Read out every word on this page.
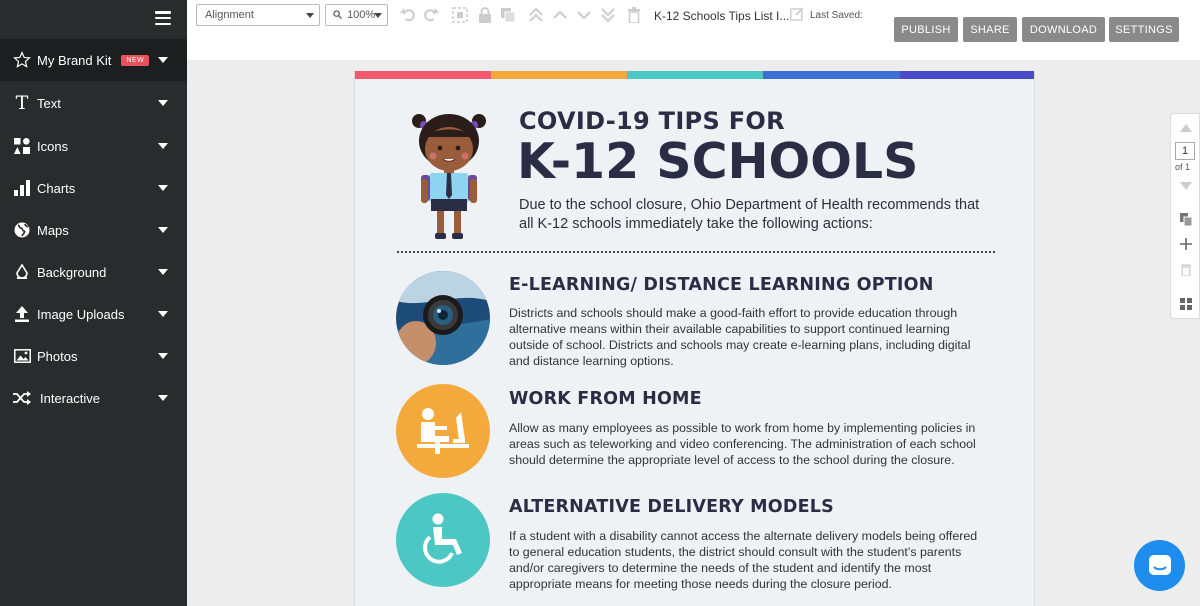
My Brand Kit	NEW
T Text
Icons
Charts
Maps
Background
Image Uploads
Photos
Interactive
Alignment	100%	K-12 Schools Tips List I... Last Saved:
PUBLISH	SHARE	DOWNLOAD	SETTINGS
COVID-19 TIPS FOR
K-12 SCHOOLS
Due to the school closure, Ohio Department of Health recommends that all K-12 schools immediately take the following actions:
E-LEARNING/ DISTANCE LEARNING OPTION
Districts and schools should make a good-faith effort to provide education through alternative means within their available capabilities to support continued learning outside of school. Districts and schools may create e-learning plans, including digital and distance learning options.
WORK FROM HOME
Allow as many employees as possible to work from home by implementing policies in areas such as teleworking and video conferencing. The administration of each school should determine the appropriate level of access to the school during the closure.
ALTERNATIVE DELIVERY MODELS
If a student with a disability cannot access the alternate delivery models being offered to general education students, the district should consult with the student’s parents and/or caregivers to determine the needs of the student and identify the most appropriate means for meeting those needs during the closure period.
1
of 1
